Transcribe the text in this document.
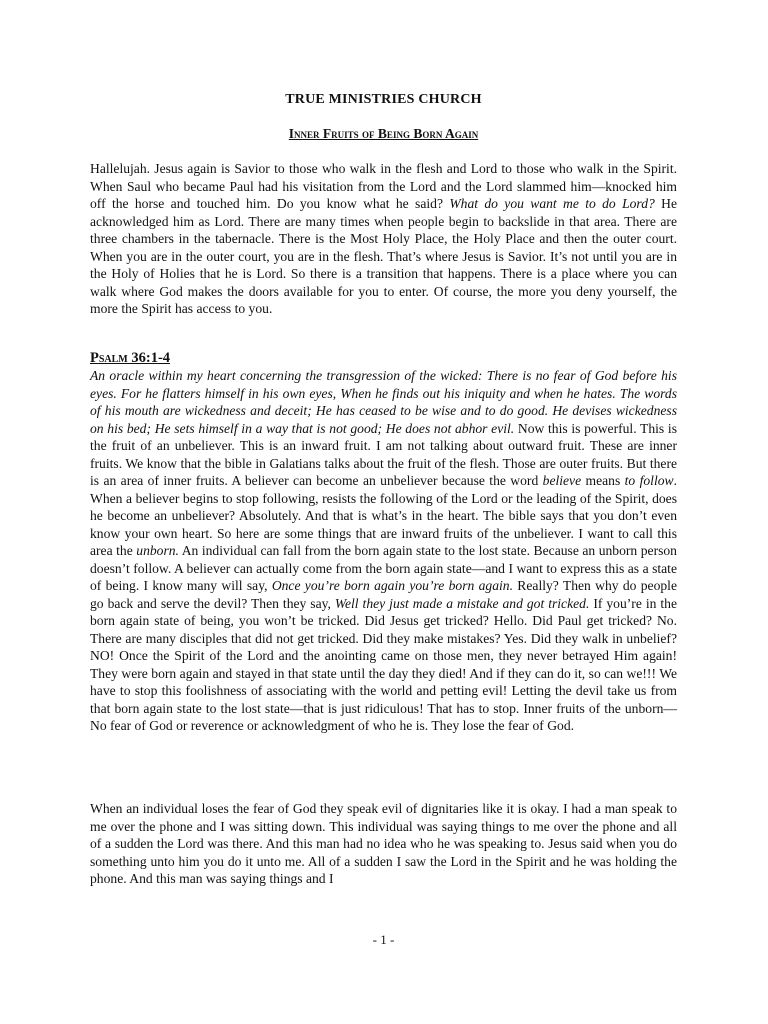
TRUE MINISTRIES CHURCH
Inner Fruits of Being Born Again

Hallelujah. Jesus again is Savior to those who walk in the flesh and Lord to those who walk in the Spirit. When Saul who became Paul had his visitation from the Lord and the Lord slammed him—knocked him off the horse and touched him. Do you know what he said? What do you want me to do Lord? He acknowledged him as Lord. There are many times when people begin to backslide in that area. There are three chambers in the tabernacle. There is the Most Holy Place, the Holy Place and then the outer court. When you are in the outer court, you are in the flesh. That’s where Jesus is Savior. It’s not until you are in the Holy of Holies that he is Lord. So there is a transition that happens. There is a place where you can walk where God makes the doors available for you to enter. Of course, the more you deny yourself, the more the Spirit has access to you.

Psalm 36:1-4

An oracle within my heart concerning the transgression of the wicked: There is no fear of God before his eyes. For he flatters himself in his own eyes, When he finds out his iniquity and when he hates. The words of his mouth are wickedness and deceit; He has ceased to be wise and to do good. He devises wickedness on his bed; He sets himself in a way that is not good; He does not abhor evil. Now this is powerful. This is the fruit of an unbeliever. This is an inward fruit. I am not talking about outward fruit. These are inner fruits. We know that the bible in Galatians talks about the fruit of the flesh. Those are outer fruits. But there is an area of inner fruits. A believer can become an unbeliever because the word believe means to follow. When a believer begins to stop following, resists the following of the Lord or the leading of the Spirit, does he become an unbeliever? Absolutely. And that is what’s in the heart. The bible says that you don’t even know your own heart. So here are some things that are inward fruits of the unbeliever. I want to call this area the unborn. An individual can fall from the born again state to the lost state. Because an unborn person doesn’t follow. A believer can actually come from the born again state—and I want to express this as a state of being. I know many will say, Once you’re born again you’re born again. Really? Then why do people go back and serve the devil? Then they say, Well they just made a mistake and got tricked. If you’re in the born again state of being, you won’t be tricked. Did Jesus get tricked? Hello. Did Paul get tricked? No. There are many disciples that did not get tricked. Did they make mistakes? Yes. Did they walk in unbelief? NO! Once the Spirit of the Lord and the anointing came on those men, they never betrayed Him again! They were born again and stayed in that state until the day they died! And if they can do it, so can we!!! We have to stop this foolishness of associating with the world and petting evil! Letting the devil take us from that born again state to the lost state—that is just ridiculous! That has to stop. Inner fruits of the unborn—No fear of God or reverence or acknowledgment of who he is. They lose the fear of God.

When an individual loses the fear of God they speak evil of dignitaries like it is okay. I had a man speak to me over the phone and I was sitting down. This individual was saying things to me over the phone and all of a sudden the Lord was there. And this man had no idea who he was speaking to. Jesus said when you do something unto him you do it unto me. All of a sudden I saw the Lord in the Spirit and he was holding the phone. And this man was saying things and I

- 1 -
